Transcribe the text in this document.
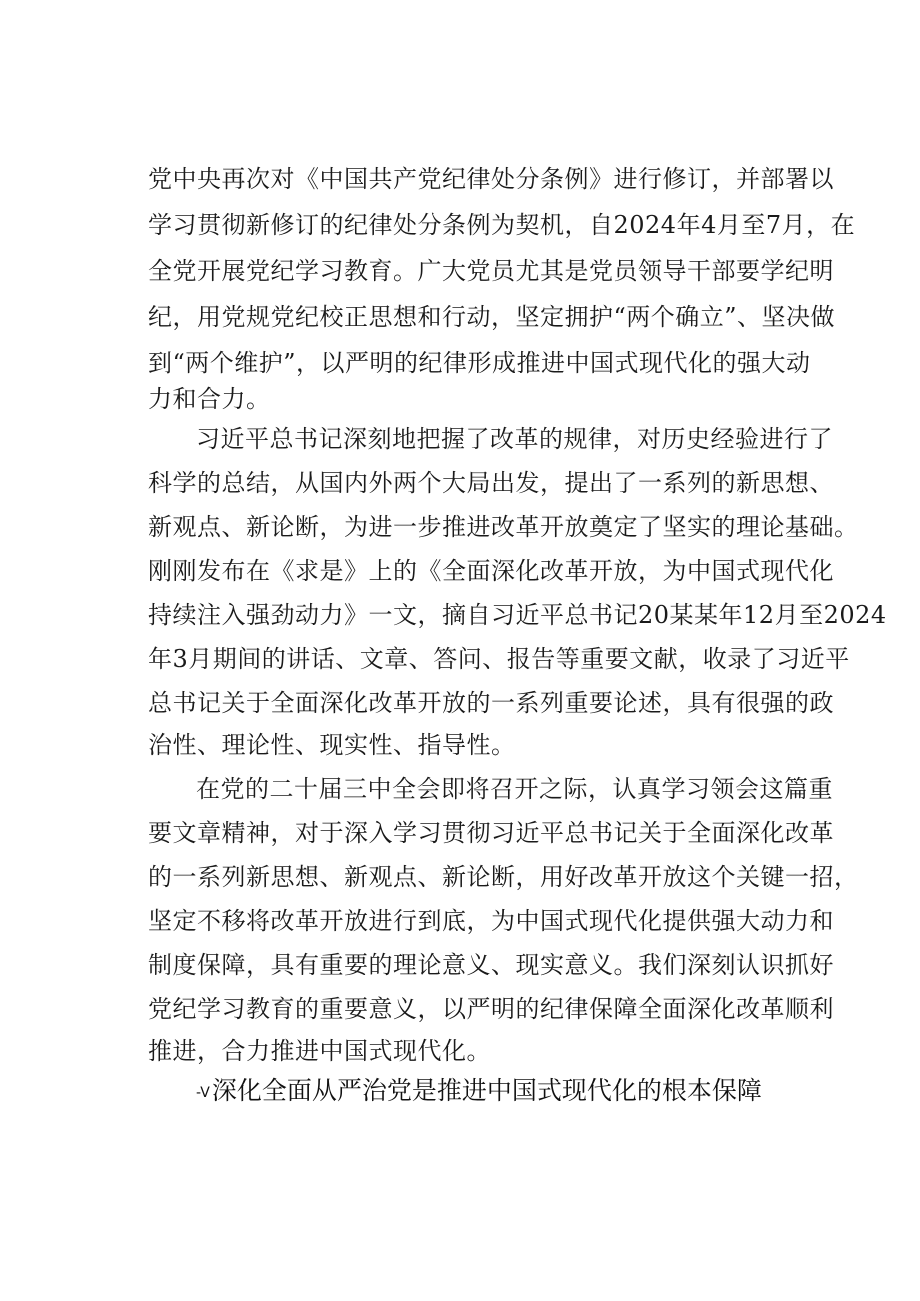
党中央再次对《中国共产党纪律处分条例》进行修订，并部署以
学习贯彻新修订的纪律处分条例为契机，自2024年4月至7月，在
全党开展党纪学习教育。广大党员尤其是党员领导干部要学纪明
纪，用党规党纪校正思想和行动，坚定拥护“两个确立”、坚决做
到“两个维护”，以严明的纪律形成推进中国式现代化的强大动
力和合力。
习近平总书记深刻地把握了改革的规律，对历史经验进行了
科学的总结，从国内外两个大局出发，提出了一系列的新思想、
新观点、新论断，为进一步推进改革开放奠定了坚实的理论基础。
刚刚发布在《求是》上的《全面深化改革开放，为中国式现代化
持续注入强劲动力》一文，摘自习近平总书记20某某年12月至2024
年3月期间的讲话、文章、答问、报告等重要文献，收录了习近平
总书记关于全面深化改革开放的一系列重要论述，具有很强的政
治性、理论性、现实性、指导性。
在党的二十届三中全会即将召开之际，认真学习领会这篇重
要文章精神，对于深入学习贯彻习近平总书记关于全面深化改革
的一系列新思想、新观点、新论断，用好改革开放这个关键一招，
坚定不移将改革开放进行到底，为中国式现代化提供强大动力和
制度保障，具有重要的理论意义、现实意义。我们深刻认识抓好
党纪学习教育的重要意义，以严明的纪律保障全面深化改革顺利
推进，合力推进中国式现代化。
-V深化全面从严治党是推进中国式现代化的根本保障
